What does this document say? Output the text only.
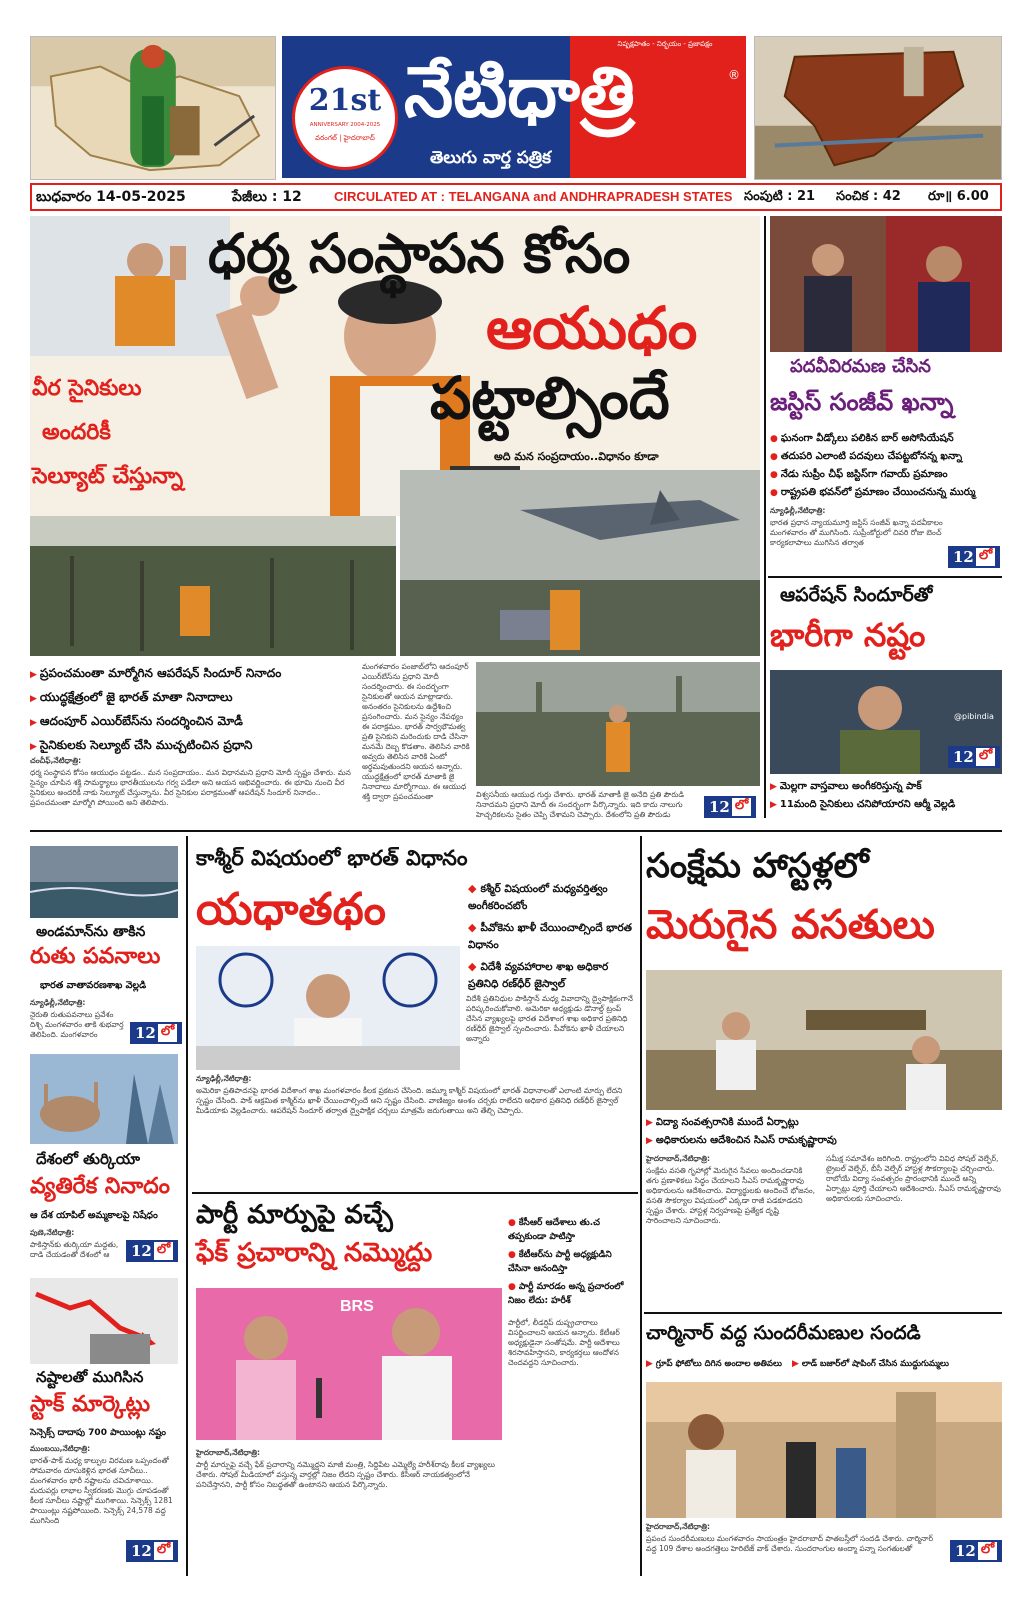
నిష్పక్షపాతం - నిర్భయం - ప్రజాపక్షం
21st
ANNIVERSARY 2004-2025
వరంగల్ | హైదరాబాద్
నేటిధాత్రి	®
తెలుగు వార్త పత్రిక
బుధవారం 14-05-2025	పేజీలు : 12 CIRCULATED AT : TELANGANA and ANDHRAPRADESH STATES సంపుటి : 21 సంచిక : 42 రూ॥ 6.00
ధర్మ సంస్థాపన కోసం
ఆయుధం
పట్టాల్సిందే
అది మన సంప్రదాయం..విధానం కూడా
వీర సైనికులు
అందరికీ
సెల్యూట్ చేస్తున్నా
▶ ప్రపంచమంతా మార్మోగిన ఆపరేషన్ సిందూర్ నినాదం
▶ యుద్ధక్షేత్రంలో జై భారత్ మాతా నినాదాలు
▶ ఆదంపూర్ ఎయిర్‌బేస్‌ను సందర్శించిన మోడీ
▶ సైనికులకు సెల్యూట్ చేసి ముచ్చటించిన ప్రధాని
చంచీఫ్‌,నేటిధాత్రి:
ధర్మ సంస్థాపన కోసం ఆయుధం పట్టడం.. మన సంప్రదాయం.. మన విధానమని ప్రధాని మోదీ స్పష్టం చేశారు. మన సైన్యం చూపిన శక్తి సామర్థ్యాలు భారతీయులను గర్వ పడేలా అని అయన ఆభివర్ణించారు. ఈ భూమి నుంచి వీర సైనికులు అందరికీ నాకు సెల్యూట్ చేస్తున్నాను. వీర సైనికుల పరాక్రమంతో ఆపరేషన్ సిందూర్ నినాదం.. ప్రపంచమంతా మార్మోగి పోయింది అని తెలిపారు.
మంగళవారం పంజాబ్‌లోని ఆదంపూర్ ఎయిర్‌బేస్‌ను ప్రధాని మోదీ సందర్శించారు. ఈ సందర్భంగా సైనికులతో ఆయన మాట్లాడారు. అనంతరం సైనికులను ఉద్దేశించి ప్రసంగించారు. మన సైన్యం నేపథ్యం ఈ పరాక్రమం. భారత్ సార్వభౌమత్వ ప్రతి సైనికుని మరెందుకు దాడి చేసినా మనమే దెబ్బ కొడతాం. తెలిసిన వారికి అవ్వదు తెలిసిన వారికి ఏంటో అర్థమవుతుందని ఆయన అన్నారు. యుద్ధక్షేత్రంలో భారత్ మాతాకి జై నినాదాలు మార్మోగాయి. ఈ ఆయుధ శక్తి ద్వారా ప్రపంచమంతా	విశ్వసనీయ ఆయుధ గుర్తు చేశారు. భారత్ మాతాకీ జై అనేది ప్రతి పౌరుడి నినాదమని ప్రధాని మోదీ ఈ సందర్భంగా పేర్కొన్నారు. ఇది కాదు నాలుగు హెచ్చరికలను సైతం చెప్పి చేశామని చెప్పారు. దేశంలోని ప్రతి పౌరుడు	12 లో
పదవీవిరమణ చేసిన
జస్టిస్ సంజీవ్ ఖన్నా
● ఘనంగా వీడ్కోలు పలికిన బార్ అసోసియేషన్
● తదుపరి ఎలాంటి పదవులు చేపట్టబోనన్న ఖన్నా
● నేడు సుప్రీం చీఫ్ జస్టిస్‌గా గవాయ్ ప్రమాణం
● రాష్ట్రపతి భవన్‌లో ప్రమాణం చేయించనున్న ముర్ము
న్యూఢిల్లీ,నేటిధాత్రి:
భారత ప్రధాన న్యాయమూర్తి జస్టిస్ సంజీవ్ ఖన్నా పదవీకాలం మంగళవారం తో ముగిసింది. సుప్రీంకోర్టులో చివరి రోజు బెంచ్ కార్యకలాపాలు ముగిసిన తర్వాత
12 లో
ఆపరేషన్ సిందూర్‌తో
భారీగా నష్టం
@pibindia
12 లో
▶ మెల్లగా వాస్తవాలు అంగీకరిస్తున్న పాక్
▶ 11మంది సైనికులు చనిపోయారని ఆర్మీ వెల్లడి
అండమాన్‌ను తాకిన
రుతు పవనాలు
భారత వాతావరణశాఖ వెల్లడి
న్యూఢిల్లీ,నేటిధాత్రి:
నైరుతి రుతుపవనాలు ప్రవేశం దిశ్చి మంగళవారం తాకి శుభవార్త తెలిపింది. మంగళవారం	12 లో
దేశంలో తుర్కియా
వ్యతిరేక నినాదం
ఆ దేశ యాపిల్ అమ్మకాలపై నిషేధం
పుణె,నేటిధాత్రి:
పాకిస్తాన్‌కు తుర్కియా మద్దతు, దాడి చేయడంతో దేశంలో ఆ	12 లో
నష్టాలతో ముగిసిన
స్టాక్ మార్కెట్లు
సెన్సెక్స్ దాదాపు 700 పాయింట్లు నష్టం
ముంబయి,నేటిధాత్రి:
భారత్-పాక్ మధ్య కాల్పుల విరమణ ఒప్పందంతో సోమవారం దూసుకెళ్లిన భారత సూచీలు.. మంగళవారం భారీ నష్టాలను చవిచూశాయి. మదుపర్లు లాభాల స్వీకరణకు మొగ్గు చూపడంతో కీలక సూచీలు నష్టాల్లో ముగిశాయి. సెన్సెక్స్ 1281 పాయింట్లు నష్టపోయింది. సెన్సెక్స్ 24,578 వద్ద ముగిసింది
12 లో
కాశ్మీర్ విషయంలో భారత్ విధానం
యధాతథం	◆ కశ్మీర్ విషయంలో మధ్యవర్తిత్వం అంగీకరించబోం
◆ పీవోకెను ఖాళీ చేయించాల్సిందే భారత విధానం
◆ విదేశీ వ్యవహారాల శాఖ అధికార ప్రతినిధి రణ్‌ధీర్ జైస్వాల్
విదేశీ ప్రతినిధుల పాకిస్తాన్ మధ్య వివాదాన్ని ద్వైపాక్షికంగానే పరిష్కరించుకోవాలి. అమెరికా అధ్యక్షుడు డొనాల్డ్ ట్రంప్ చేసిన వ్యాఖ్యలపై భారత విదేశాంగ శాఖ అధికార ప్రతినిధి రణ్‌ధీర్ జైస్వాల్ స్పందించారు. పీవోకెను ఖాళీ చేయాలని అన్నారు
న్యూఢిల్లీ,నేటిధాత్రి:
అమెరికా ప్రతిపాదనపై భారత విదేశాంగ శాఖ మంగళవారం కీలక ప్రకటన చేసింది. జమ్మూ కాశ్మీర్ విషయంలో భారత్ విధానాలతో ఎలాంటి మార్పు లేదని స్పష్టం చేసింది. పాక్ ఆక్రమిత కాశ్మీర్‌ను ఖాళీ చేయించాల్సిందే అని స్పష్టం చేసింది. వాణిజ్యం అంశం చర్చకు రాలేదని అధికార ప్రతినిధి రణ్‌ధీర్ జైస్వాల్ మీడియాకు వెల్లడించారు. ఆపరేషన్ సిందూర్ తర్వాత ద్వైపాక్షిక చర్చలు మాత్రమే జరుగుతాయి అని తేల్చి చెప్పారు.
పార్టీ మార్పుపై వచ్చే
ఫేక్ ప్రచారాన్ని నమ్మొద్దు
● కేసీఆర్ ఆదేశాలు తు.చ తప్పకుండా పాటిస్తా
● కేటీఆర్‌ను పార్టీ అధ్యక్షుడిని చేసినా ఆనందిస్తా
● పార్టీ మారడం అన్న ప్రచారంలో నిజం లేదు: హరీశ్
BRS
పార్టీలో, లీడర్షిప్ దుష్ప్రచారాలు విసర్జించాలని ఆయన అన్నారు. కేటీఆర్ అధ్యక్షుడైనా సంతోషమే. పార్టీ ఆదేశాలు శిరసావహిస్తానని, కార్యకర్తలు ఆందోళన చెందవద్దని సూచించారు.
హైదరాబాద్,నేటిధాత్రి:
పార్టీ మార్పుపై వచ్చే ఫేక్ ప్రచారాన్ని నమ్మొద్దని మాజీ మంత్రి, సిద్దిపేట ఎమ్మెల్యే హరీశ్‌రావు కీలక వ్యాఖ్యలు చేశారు. సోషల్ మీడియాలో వస్తున్న వార్తల్లో నిజం లేదని స్పష్టం చేశారు. కేసీఆర్ నాయకత్వంలోనే పనిచేస్తానని, పార్టీ కోసం నిబద్ధతతో ఉంటానని ఆయన పేర్కొన్నారు.
సంక్షేమ హాస్టళ్లలో
మెరుగైన వసతులు
▶ విద్యా సంవత్సరానికి ముందే ఏర్పాట్లు
▶ అధికారులను ఆదేశించిన సిఎస్ రామకృష్ణారావు
హైదరాబాద్,నేటిధాత్రి:
సంక్షేమ వసతి గృహాల్లో మెరుగైన సేవలు అందించడానికి తగు ప్రణాళికలు సిద్ధం చేయాలని సీఎస్ రామకృష్ణారావు అధికారులను ఆదేశించారు. విద్యార్థులకు అందించే భోజనం, వసతి సౌకర్యాల విషయంలో ఎక్కడా రాజీ పడకూడదని స్పష్టం చేశారు. హాస్టళ్ల నిర్వహణపై ప్రత్యేక దృష్టి సారించాలని సూచించారు.
సమీక్ష సమావేశం జరిగింది. రాష్ట్రంలోని వివిధ సోషల్ వెల్ఫేర్, ట్రైబల్ వెల్ఫేర్, బీసీ వెల్ఫేర్ హాస్టళ్ల సౌకర్యాలపై చర్చించారు. రాబోయే విద్యా సంవత్సరం ప్రారంభానికి ముందే అన్ని ఏర్పాట్లు పూర్తి చేయాలని ఆదేశించారు. సీఎస్ రామకృష్ణారావు అధికారులకు సూచించారు.
చార్మినార్ వద్ద సుందరీమణుల సందడి
▶ గ్రూప్ ఫోటోలు దిగిన అందాల అతివలు	▶ లాడ్ బజార్‌లో షాపింగ్ చేసిన ముద్దుగుమ్మలు
హైదరాబాద్,నేటిధాత్రి:
ప్రపంచ సుందరీమణులు మంగళవారం సాయంత్రం హైదరాబాద్ పాతబస్తీలో సందడి చేశారు. చార్మినార్ వద్ద 109 దేశాల అందగత్తెలు హెరిటేజ్ వాక్ చేశారు. సుందరాంగుల అంద్మా పన్నా సంగతులతో	12 లో
